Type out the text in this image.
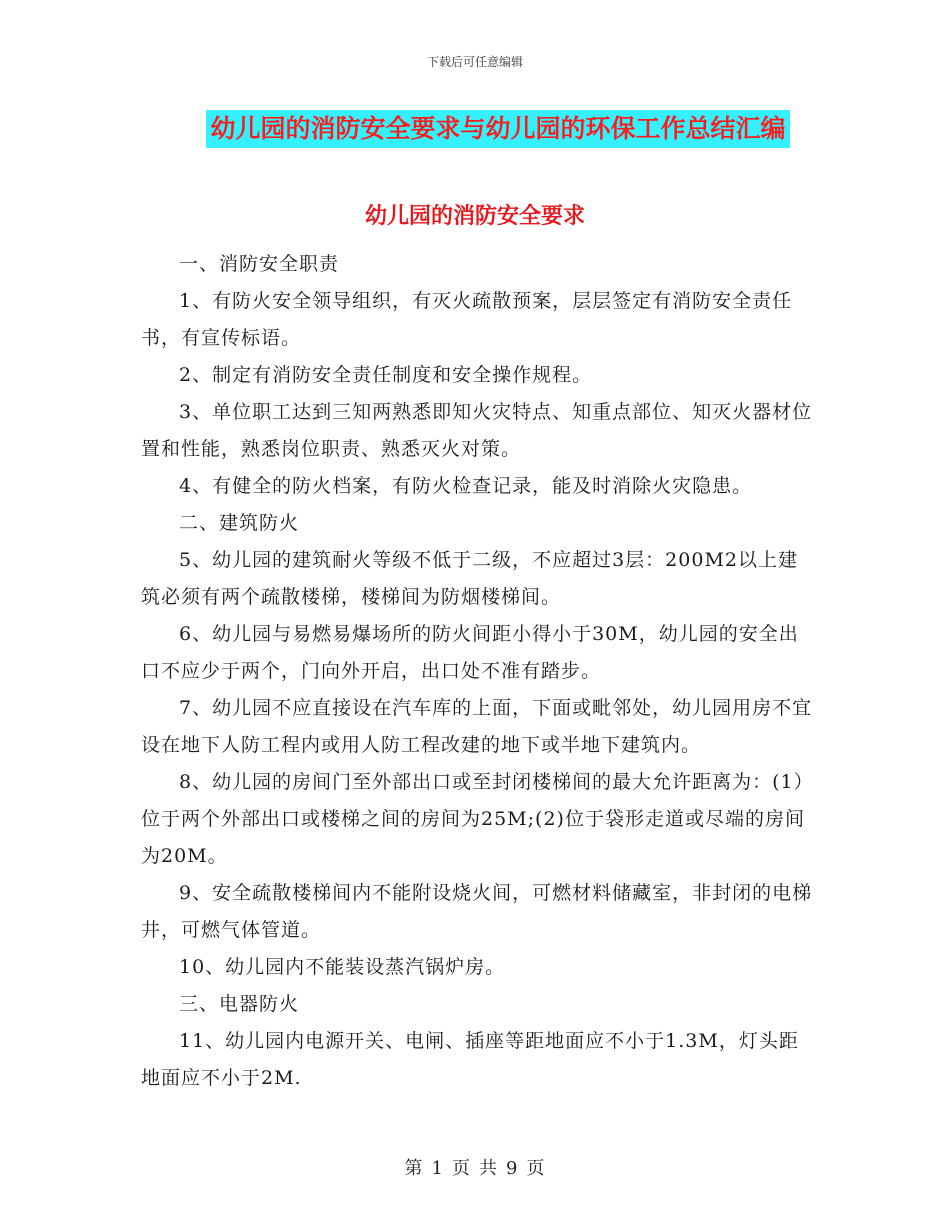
下载后可任意编辑
幼儿园的消防安全要求与幼儿园的环保工作总结汇编
幼儿园的消防安全要求

一、消防安全职责

1、有防火安全领导组织，有灭火疏散预案，层层签定有消防安全责任书，有宣传标语。

2、制定有消防安全责任制度和安全操作规程。

3、单位职工达到三知两熟悉即知火灾特点、知重点部位、知灭火器材位置和性能，熟悉岗位职责、熟悉灭火对策。

4、有健全的防火档案，有防火检查记录，能及时消除火灾隐患。

二、建筑防火

5、幼儿园的建筑耐火等级不低于二级，不应超过3层：200M2以上建筑必须有两个疏散楼梯，楼梯间为防烟楼梯间。

6、幼儿园与易燃易爆场所的防火间距小得小于30M，幼儿园的安全出口不应少于两个，门向外开启，出口处不准有踏步。

7、幼儿园不应直接设在汽车库的上面，下面或毗邻处，幼儿园用房不宜设在地下人防工程内或用人防工程改建的地下或半地下建筑内。

8、幼儿园的房间门至外部出口或至封闭楼梯间的最大允许距离为：(1）位于两个外部出口或楼梯之间的房间为25M;(2)位于袋形走道或尽端的房间为20M。

9、安全疏散楼梯间内不能附设烧火间，可燃材料储藏室，非封闭的电梯井，可燃气体管道。

10、幼儿园内不能装设蒸汽锅炉房。

三、电器防火

11、幼儿园内电源开关、电闸、插座等距地面应不小于1.3M，灯头距地面应不小于2M.

第 1 页 共 9 页
